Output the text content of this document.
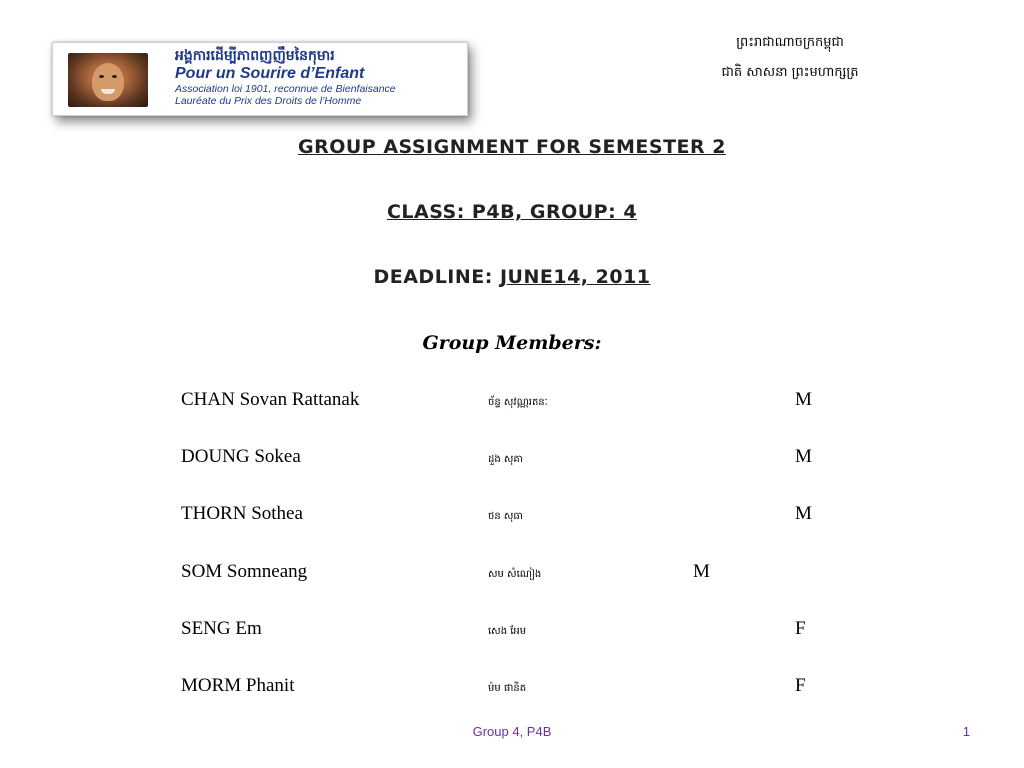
អង្គការដើម្បីភាពញញឹមនៃកុមារ
Pour un Sourire d’Enfant
Association loi 1901, reconnue de Bienfaisance
Lauréate du Prix des Droits de l’Homme
ព្រះរាជាណាចក្រកម្ពុជា
ជាតិ សាសនា ព្រះមហាក្សត្រ
GROUP ASSIGNMENT FOR SEMESTER 2
CLASS: P4B, GROUP: 4
DEADLINE: JUNE14, 2011
Group Members:
CHAN Sovan Rattanak	ច័ន្ទ សុវណ្ណរតនៈ	M
DOUNG Sokea	ដួង សុគា	M
THORN Sothea	ថន សុធា	M
SOM Somneang	សម សំណៀង	M
SENG Em	សេង អែម	F
MORM Phanit	ម៉ម ផានិត	F
Group 4, P4B	1
